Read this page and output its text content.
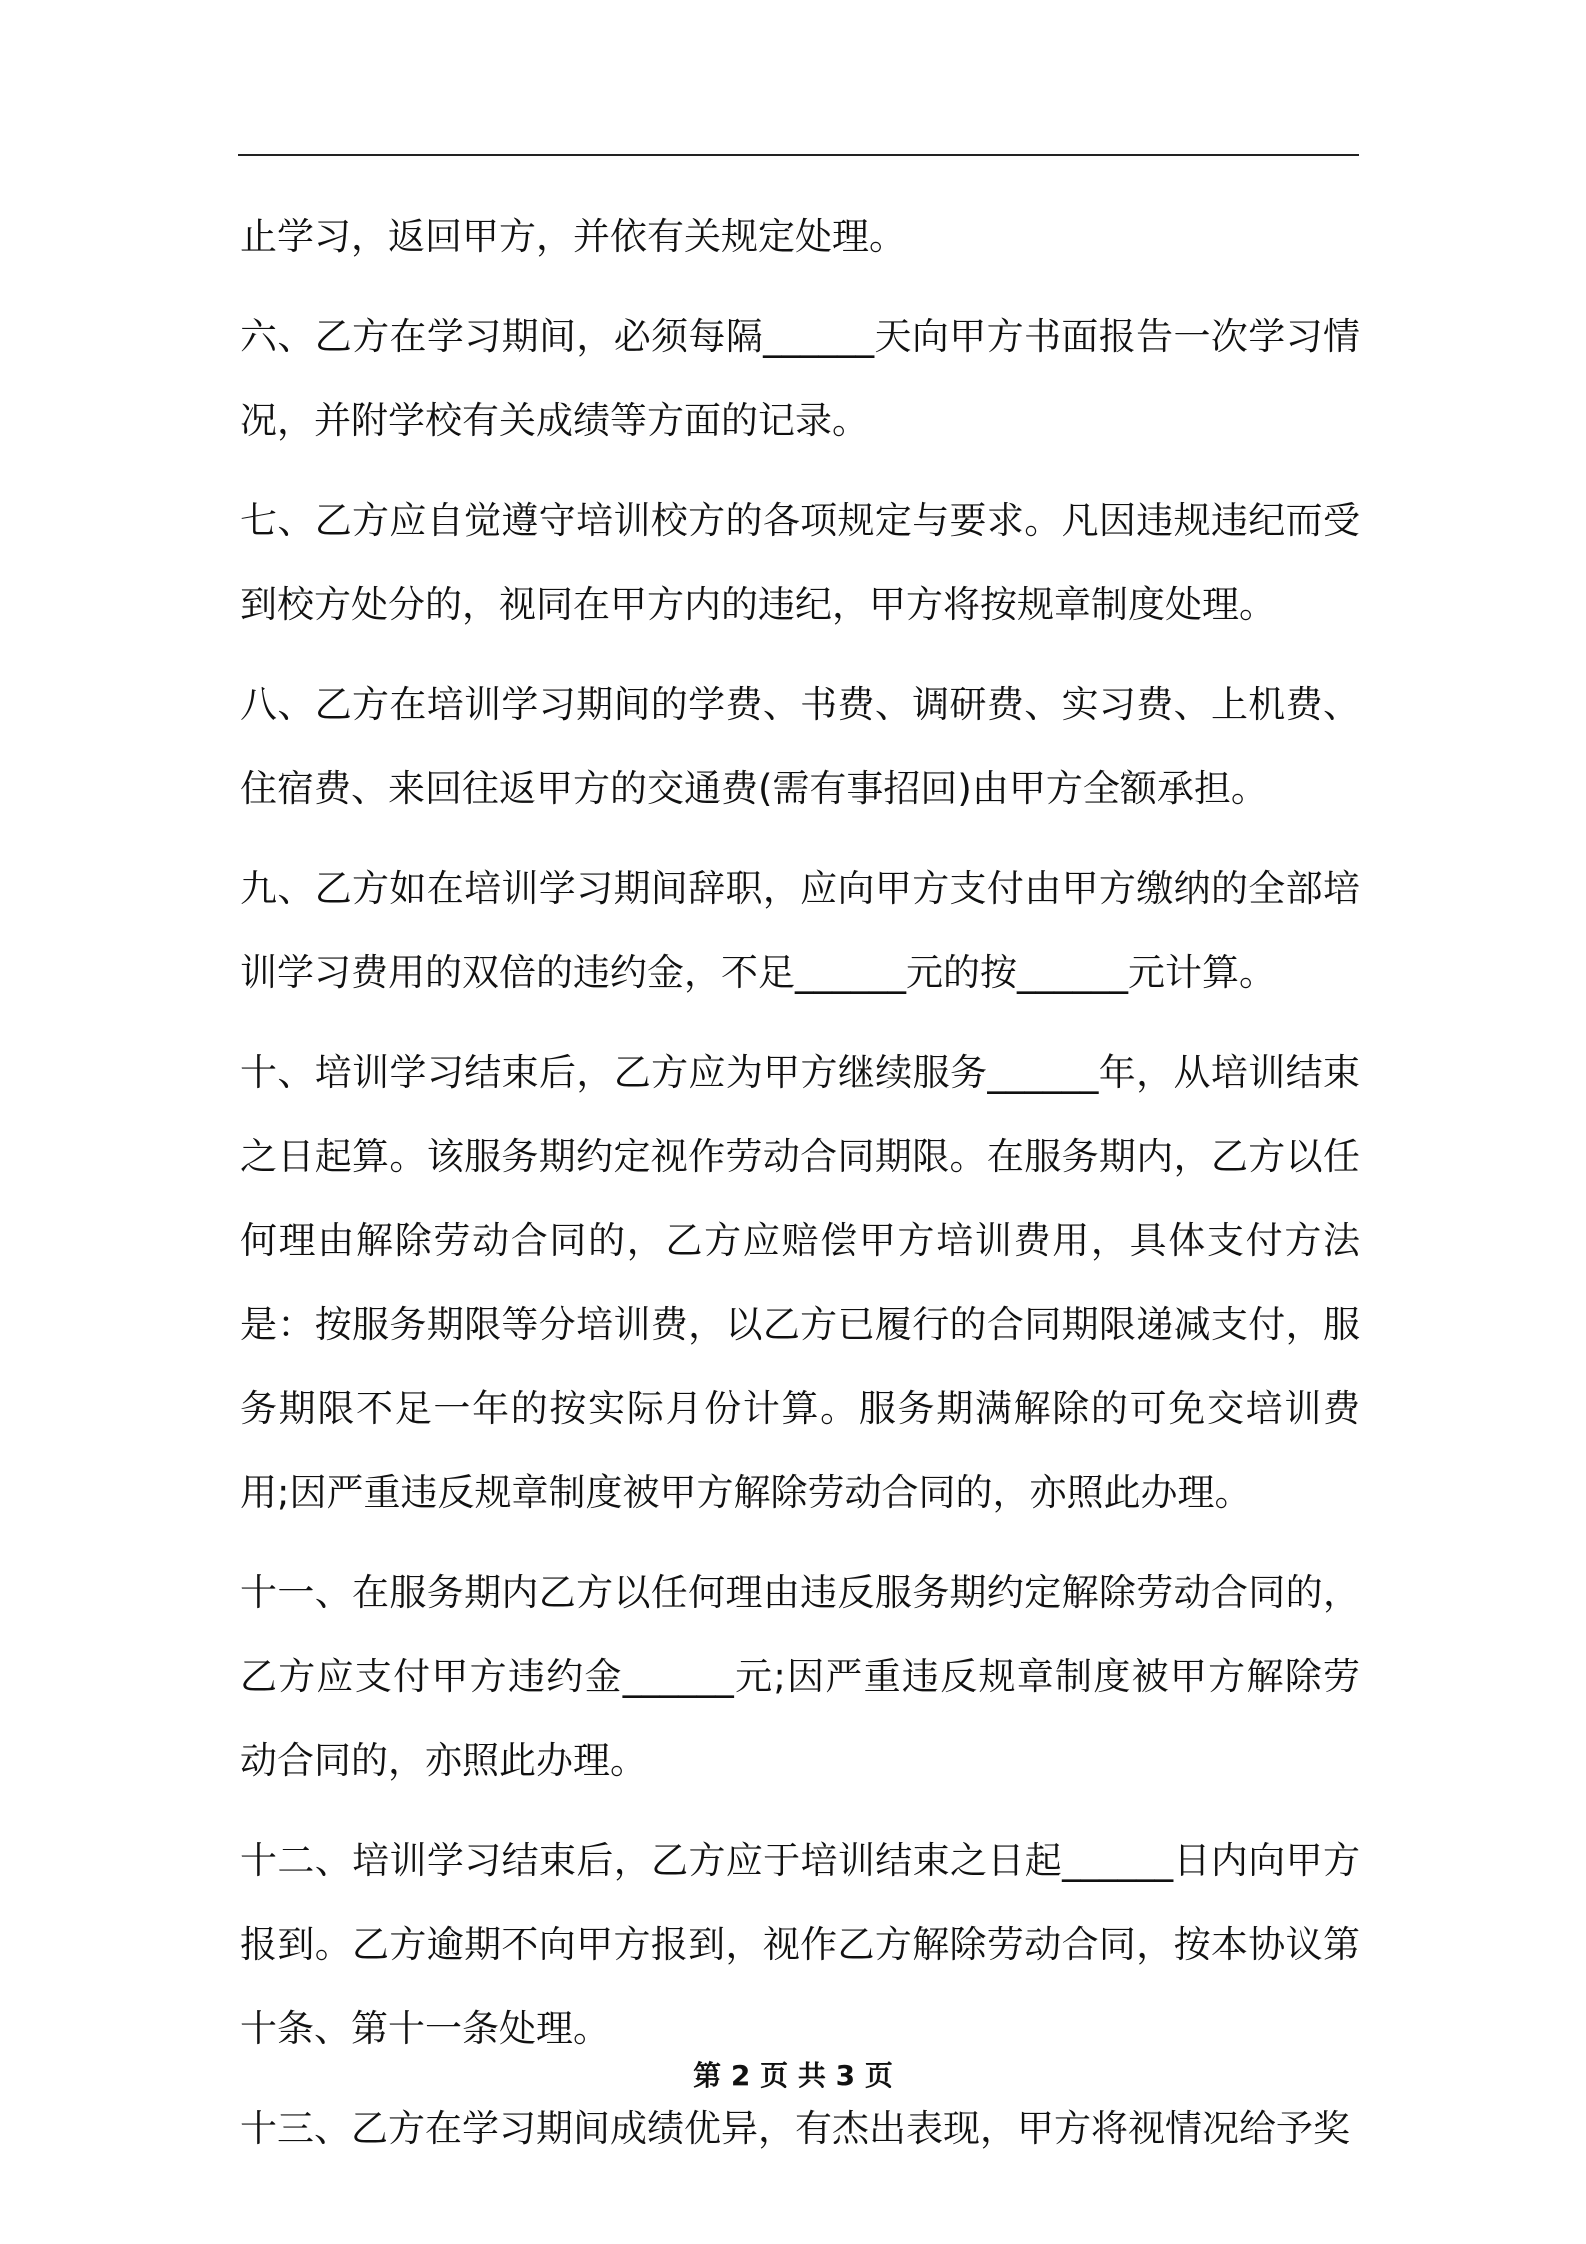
止学习，返回甲方，并依有关规定处理。

六、乙方在学习期间，必须每隔______天向甲方书面报告一次学习情况，并附学校有关成绩等方面的记录。

七、乙方应自觉遵守培训校方的各项规定与要求。凡因违规违纪而受到校方处分的，视同在甲方内的违纪，甲方将按规章制度处理。

八、乙方在培训学习期间的学费、书费、调研费、实习费、上机费、住宿费、来回往返甲方的交通费(需有事招回)由甲方全额承担。

九、乙方如在培训学习期间辞职，应向甲方支付由甲方缴纳的全部培训学习费用的双倍的违约金，不足______元的按______元计算。

十、培训学习结束后，乙方应为甲方继续服务______年，从培训结束之日起算。该服务期约定视作劳动合同期限。在服务期内，乙方以任何理由解除劳动合同的，乙方应赔偿甲方培训费用，具体支付方法是：按服务期限等分培训费，以乙方已履行的合同期限递减支付，服务期限不足一年的按实际月份计算。服务期满解除的可免交培训费用;因严重违反规章制度被甲方解除劳动合同的，亦照此办理。

十一、在服务期内乙方以任何理由违反服务期约定解除劳动合同的，乙方应支付甲方违约金______元;因严重违反规章制度被甲方解除劳动合同的，亦照此办理。

十二、培训学习结束后，乙方应于培训结束之日起______日内向甲方报到。乙方逾期不向甲方报到，视作乙方解除劳动合同，按本协议第十条、第十一条处理。

十三、乙方在学习期间成绩优异，有杰出表现，甲方将视情况给予奖

第 2 页 共 3 页
